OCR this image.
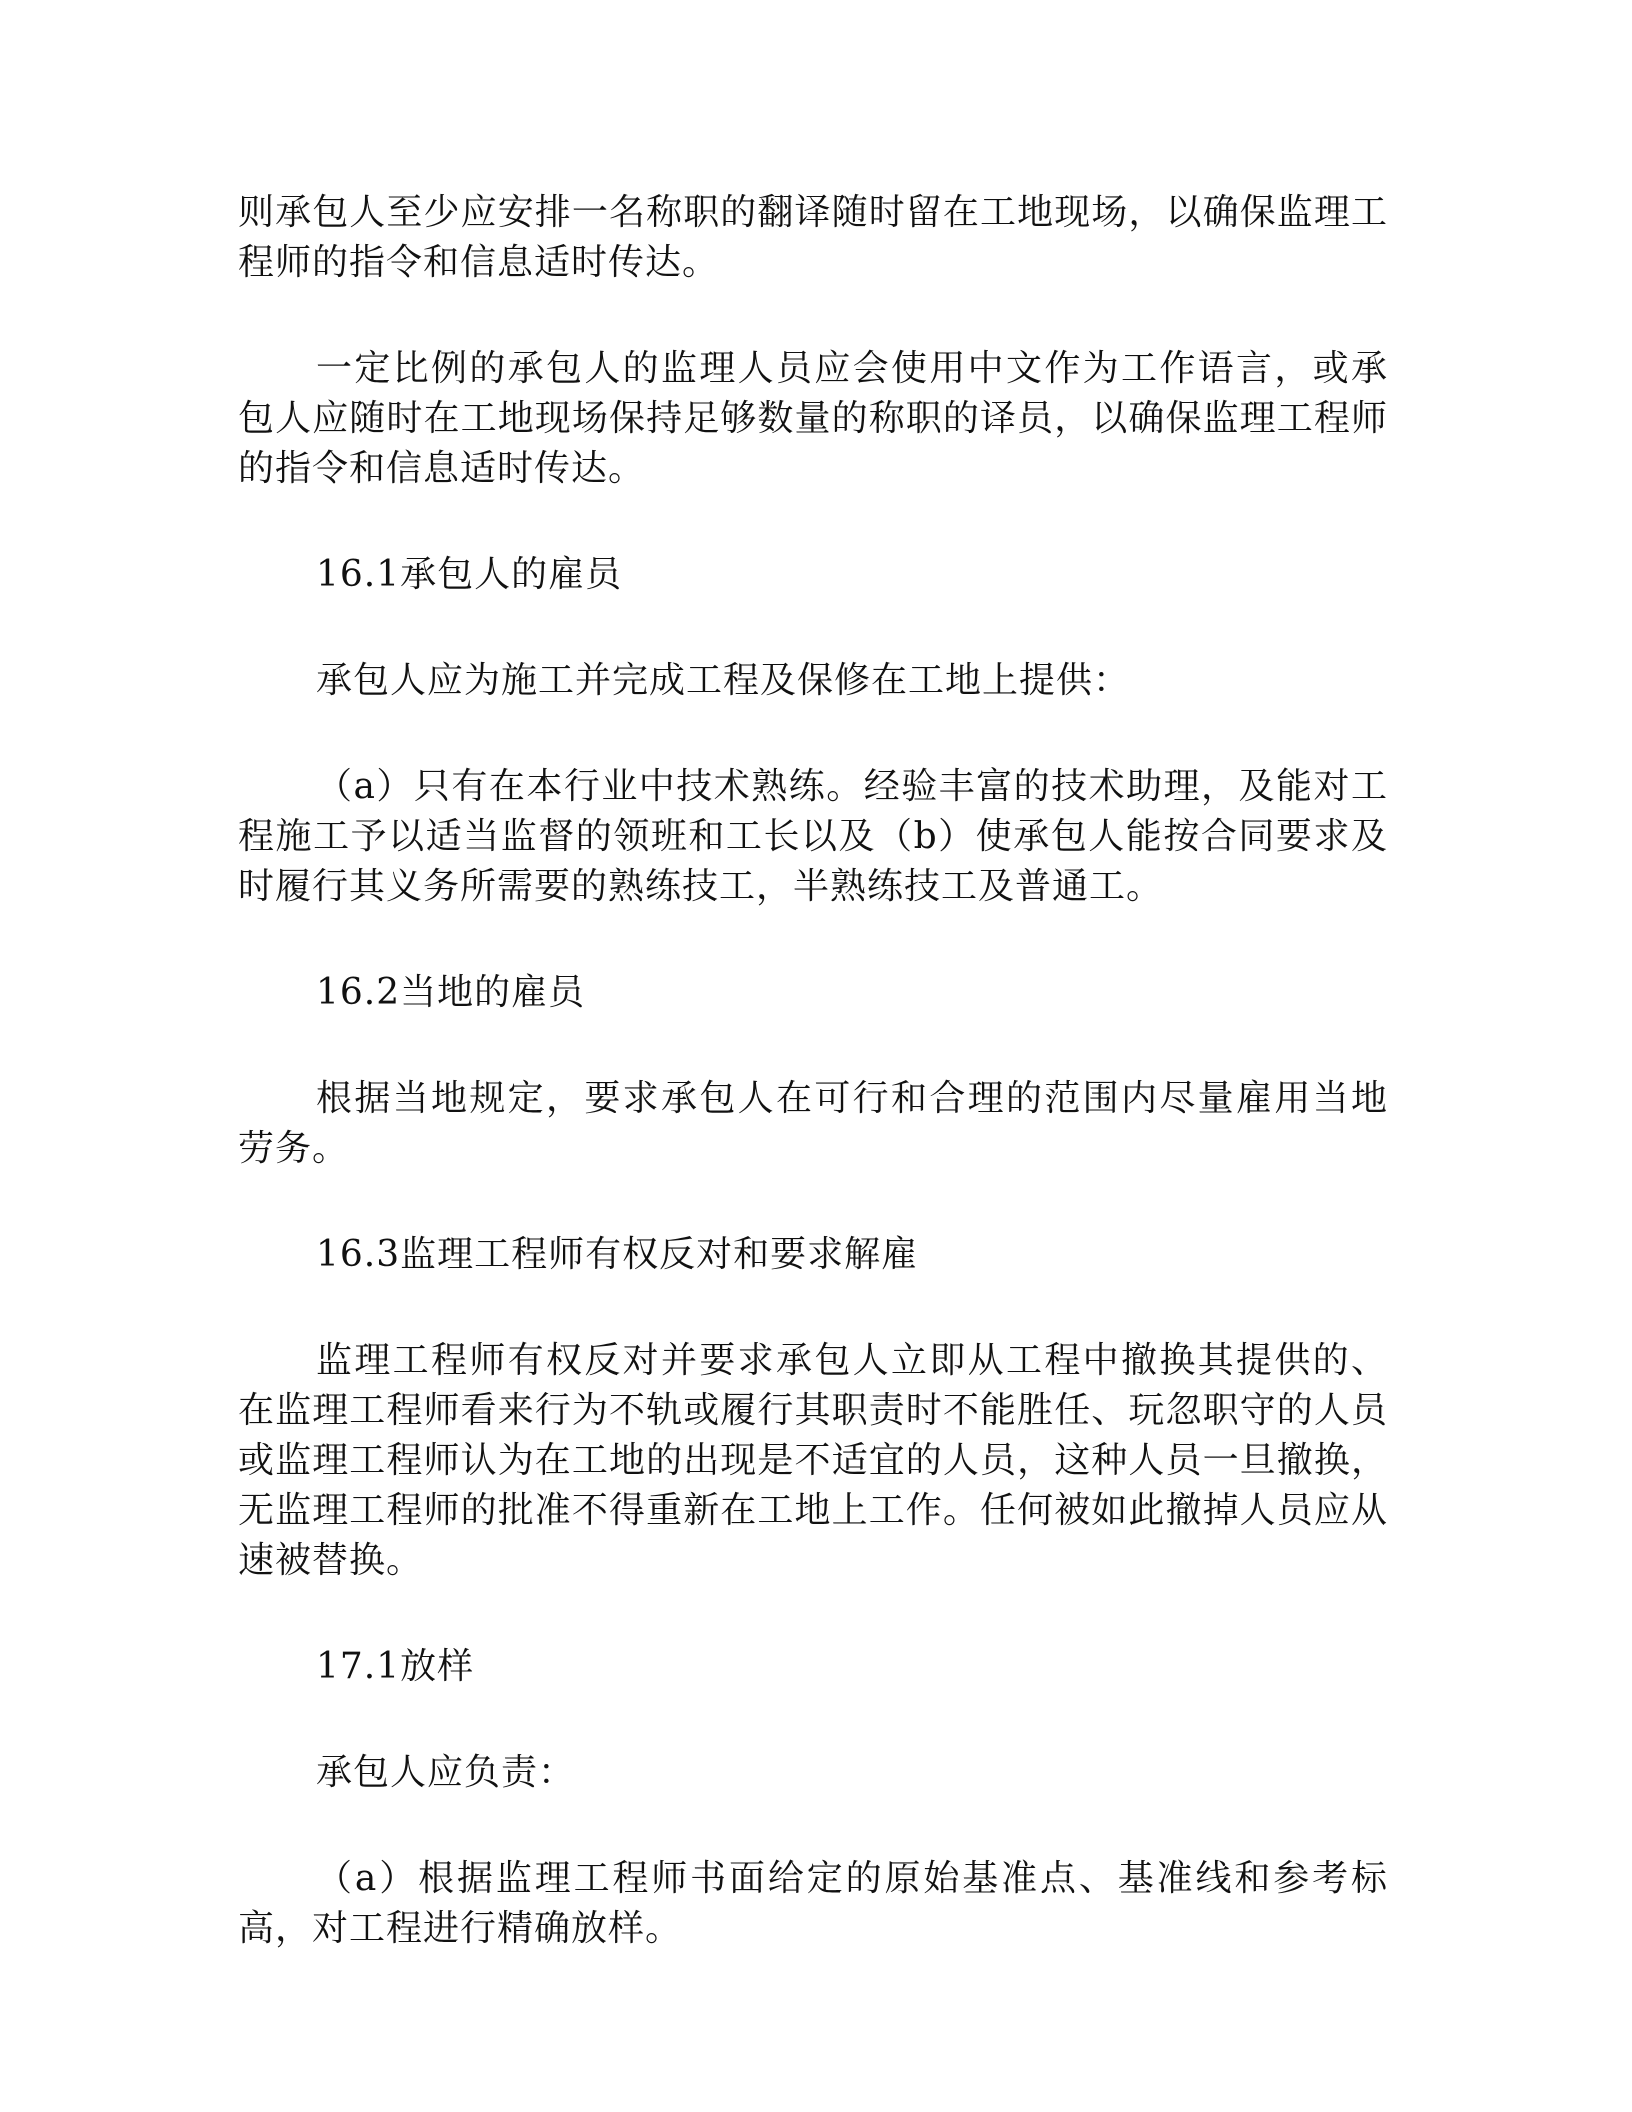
则承包人至少应安排一名称职的翻译随时留在工地现场，以确保监理工程师的指令和信息适时传达。

一定比例的承包人的监理人员应会使用中文作为工作语言，或承包人应随时在工地现场保持足够数量的称职的译员，以确保监理工程师的指令和信息适时传达。

16.1承包人的雇员

承包人应为施工并完成工程及保修在工地上提供：

（a）只有在本行业中技术熟练。经验丰富的技术助理，及能对工程施工予以适当监督的领班和工长以及（b）使承包人能按合同要求及时履行其义务所需要的熟练技工，半熟练技工及普通工。

16.2当地的雇员

根据当地规定，要求承包人在可行和合理的范围内尽量雇用当地劳务。

16.3监理工程师有权反对和要求解雇

监理工程师有权反对并要求承包人立即从工程中撤换其提供的、在监理工程师看来行为不轨或履行其职责时不能胜任、玩忽职守的人员或监理工程师认为在工地的出现是不适宜的人员，这种人员一旦撤换，无监理工程师的批准不得重新在工地上工作。任何被如此撤掉人员应从速被替换。

17.1放样

承包人应负责：

（a）根据监理工程师书面给定的原始基准点、基准线和参考标高，对工程进行精确放样。
